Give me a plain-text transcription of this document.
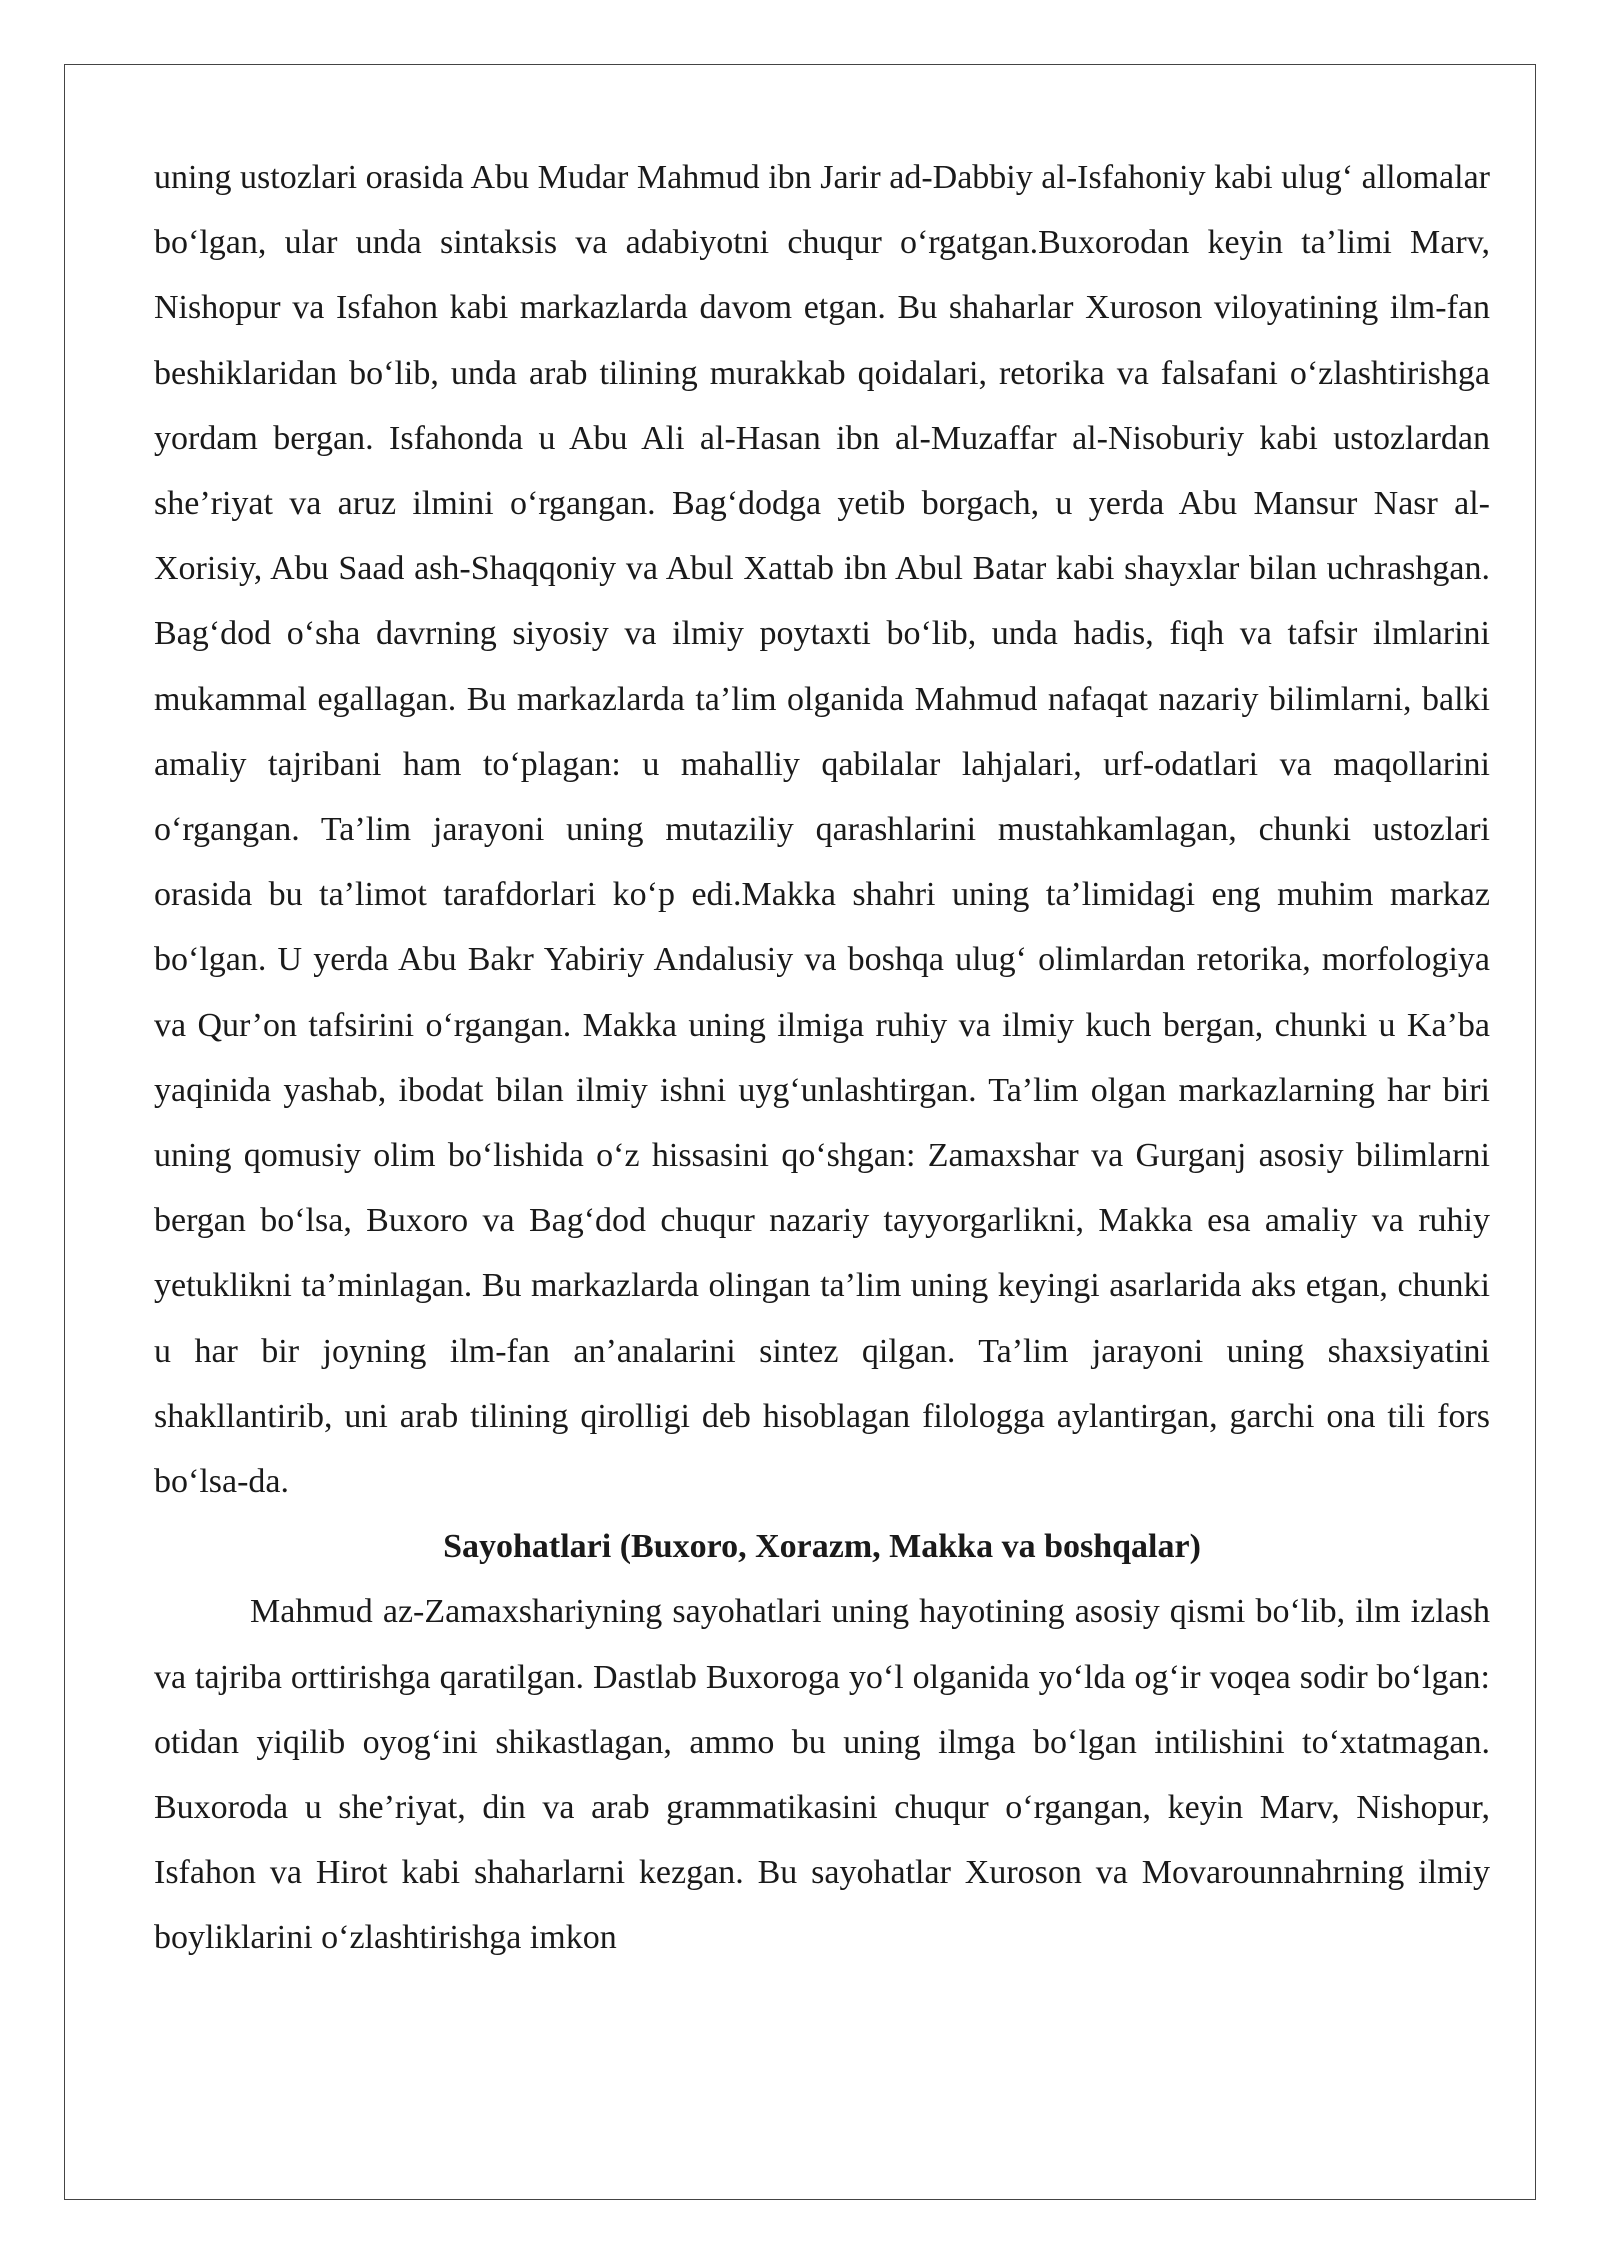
uning ustozlari orasida Abu Mudar Mahmud ibn Jarir ad-Dabbiy al-Isfahoniy kabi ulug‘ allomalar bo‘lgan, ular unda sintaksis va adabiyotni chuqur o‘rgatgan.Buxorodan keyin ta’limi Marv, Nishopur va Isfahon kabi markazlarda davom etgan. Bu shaharlar Xuroson viloyatining ilm-fan beshiklaridan bo‘lib, unda arab tilining murakkab qoidalari, retorika va falsafani o‘zlashtirishga yordam bergan. Isfahonda u Abu Ali al-Hasan ibn al-Muzaffar al-Nisoburiy kabi ustozlardan she’riyat va aruz ilmini o‘rgangan. Bag‘dodga yetib borgach, u yerda Abu Mansur Nasr al-Xorisiy, Abu Saad ash-Shaqqoniy va Abul Xattab ibn Abul Batar kabi shayxlar bilan uchrashgan. Bag‘dod o‘sha davrning siyosiy va ilmiy poytaxti bo‘lib, unda hadis, fiqh va tafsir ilmlarini mukammal egallagan. Bu markazlarda ta’lim olganida Mahmud nafaqat nazariy bilimlarni, balki amaliy tajribani ham to‘plagan: u mahalliy qabilalar lahjalari, urf-odatlari va maqollarini o‘rgangan. Ta’lim jarayoni uning mutaziliy qarashlarini mustahkamlagan, chunki ustozlari orasida bu ta’limot tarafdorlari ko‘p edi.Makka shahri uning ta’limidagi eng muhim markaz bo‘lgan. U yerda Abu Bakr Yabiriy Andalusiy va boshqa ulug‘ olimlardan retorika, morfologiya va Qur’on tafsirini o‘rgangan. Makka uning ilmiga ruhiy va ilmiy kuch bergan, chunki u Ka’ba yaqinida yashab, ibodat bilan ilmiy ishni uyg‘unlashtirgan. Ta’lim olgan markazlarning har biri uning qomusiy olim bo‘lishida o‘z hissasini qo‘shgan: Zamaxshar va Gurganj asosiy bilimlarni bergan bo‘lsa, Buxoro va Bag‘dod chuqur nazariy tayyorgarlikni, Makka esa amaliy va ruhiy yetuklikni ta’minlagan. Bu markazlarda olingan ta’lim uning keyingi asarlarida aks etgan, chunki u har bir joyning ilm-fan an’analarini sintez qilgan. Ta’lim jarayoni uning shaxsiyatini shakllantirib, uni arab tilining qirolligi deb hisoblagan filologga aylantirgan, garchi ona tili fors bo‘lsa-da.

Sayohatlari (Buxoro, Xorazm, Makka va boshqalar)

Mahmud az-Zamaxshariyning sayohatlari uning hayotining asosiy qismi bo‘lib, ilm izlash va tajriba orttirishga qaratilgan. Dastlab Buxoroga yo‘l olganida yo‘lda og‘ir voqea sodir bo‘lgan: otidan yiqilib oyog‘ini shikastlagan, ammo bu uning ilmga bo‘lgan intilishini to‘xtatmagan. Buxoroda u she’riyat, din va arab grammatikasini chuqur o‘rgangan, keyin Marv, Nishopur, Isfahon va Hirot kabi shaharlarni kezgan. Bu sayohatlar Xuroson va Movarounnahrning ilmiy boyliklarini o‘zlashtirishga imkon
